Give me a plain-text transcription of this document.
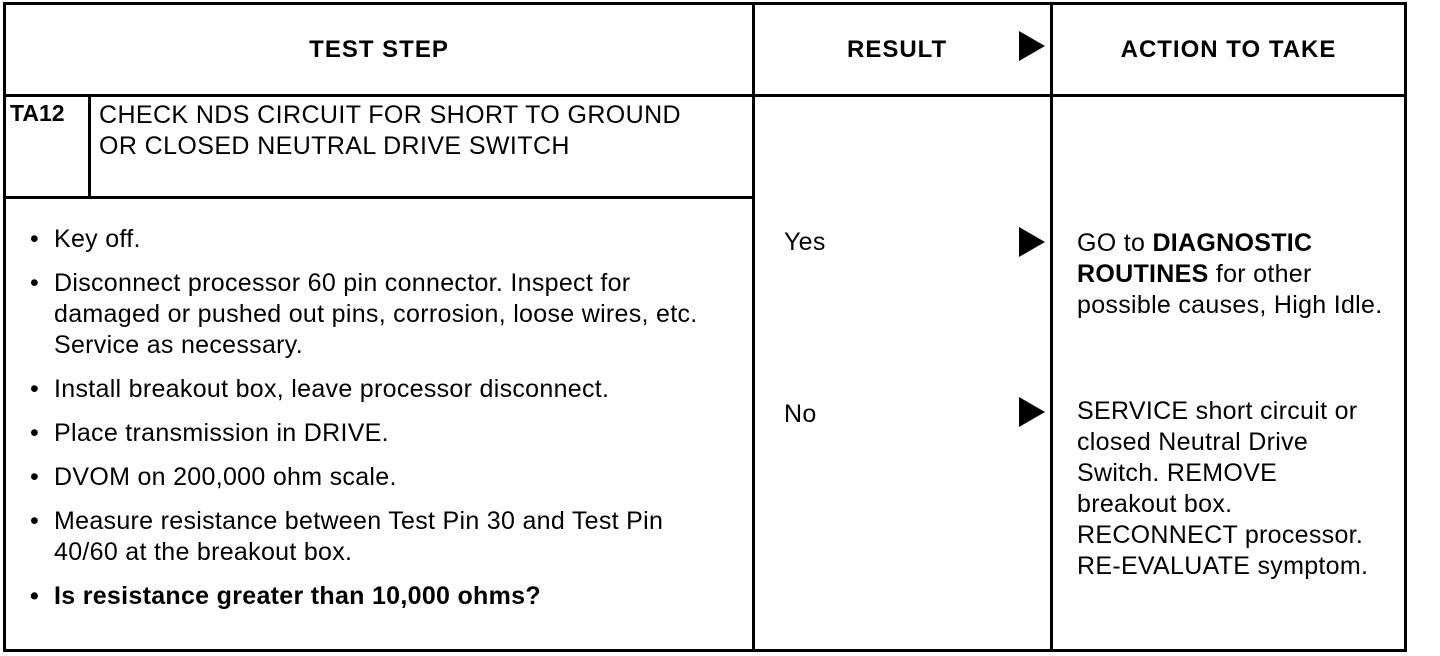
TEST STEP	RESULT	ACTION TO TAKE
TA12 CHECK NDS CIRCUIT FOR SHORT TO GROUND OR CLOSED NEUTRAL DRIVE SWITCH
• Key off.
• Disconnect processor 60 pin connector. Inspect for damaged or pushed out pins, corrosion, loose wires, etc. Service as necessary.
• Install breakout box, leave processor disconnect.
• Place transmission in DRIVE.
• DVOM on 200,000 ohm scale.
• Measure resistance between Test Pin 30 and Test Pin 40/60 at the breakout box.
• Is resistance greater than 10,000 ohms?
Yes	GO to DIAGNOSTIC ROUTINES for other possible causes, High Idle.
No	SERVICE short circuit or closed Neutral Drive Switch. REMOVE breakout box. RECONNECT processor. RE-EVALUATE symptom.
